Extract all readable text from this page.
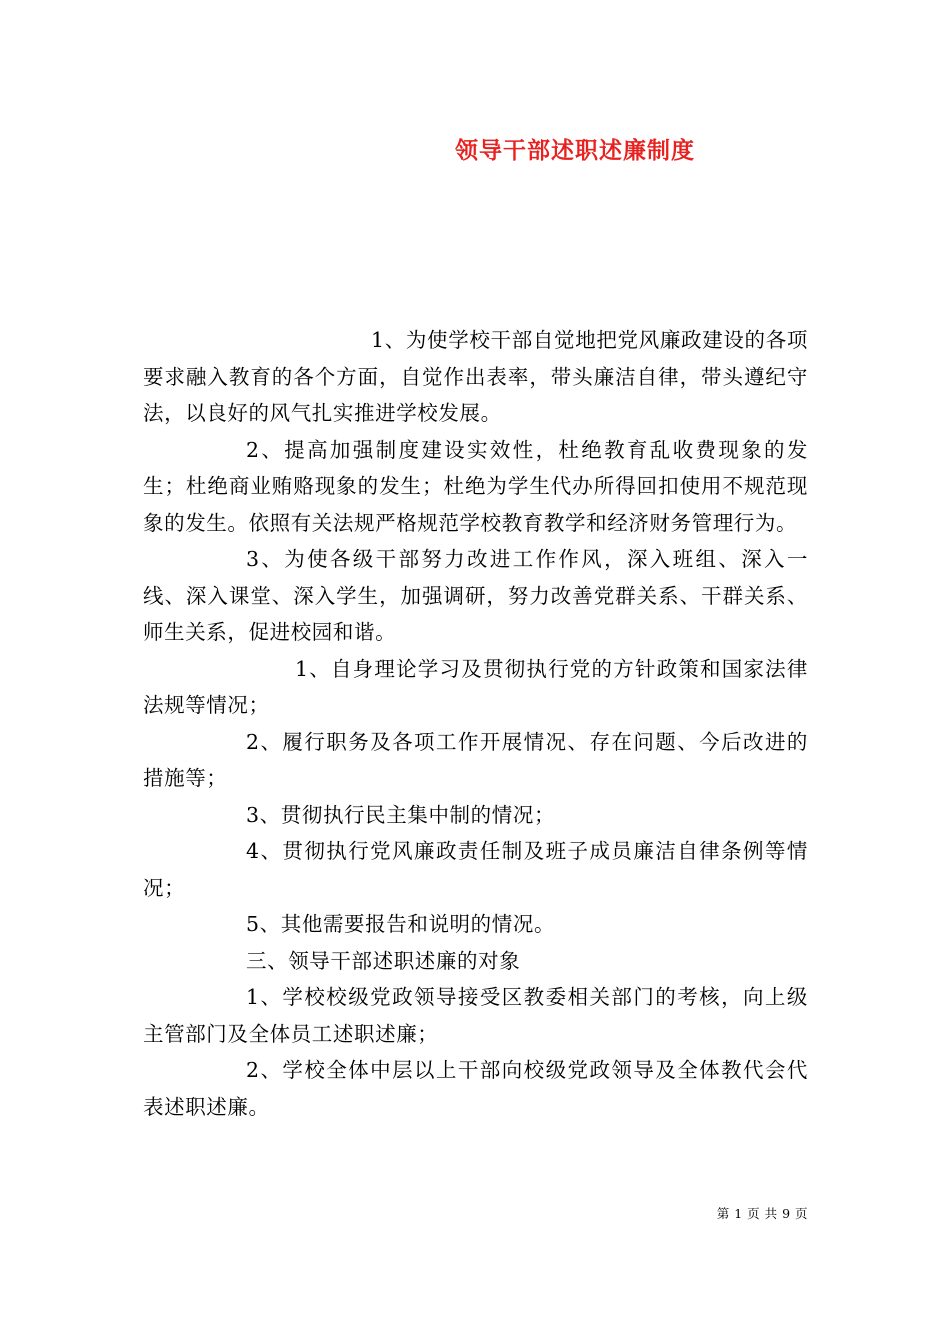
领导干部述职述廉制度

1、为使学校干部自觉地把党风廉政建设的各项要求融入教育的各个方面，自觉作出表率，带头廉洁自律，带头遵纪守法，以良好的风气扎实推进学校发展。

2、提高加强制度建设实效性，杜绝教育乱收费现象的发生；杜绝商业贿赂现象的发生；杜绝为学生代办所得回扣使用不规范现象的发生。依照有关法规严格规范学校教育教学和经济财务管理行为。

3、为使各级干部努力改进工作作风，深入班组、深入一线、深入课堂、深入学生，加强调研，努力改善党群关系、干群关系、师生关系，促进校园和谐。

1、自身理论学习及贯彻执行党的方针政策和国家法律法规等情况；

2、履行职务及各项工作开展情况、存在问题、今后改进的措施等；

3、贯彻执行民主集中制的情况；

4、贯彻执行党风廉政责任制及班子成员廉洁自律条例等情况；

5、其他需要报告和说明的情况。

三、领导干部述职述廉的对象

1、学校校级党政领导接受区教委相关部门的考核，向上级主管部门及全体员工述职述廉；

2、学校全体中层以上干部向校级党政领导及全体教代会代表述职述廉。

第 1 页 共 9 页
